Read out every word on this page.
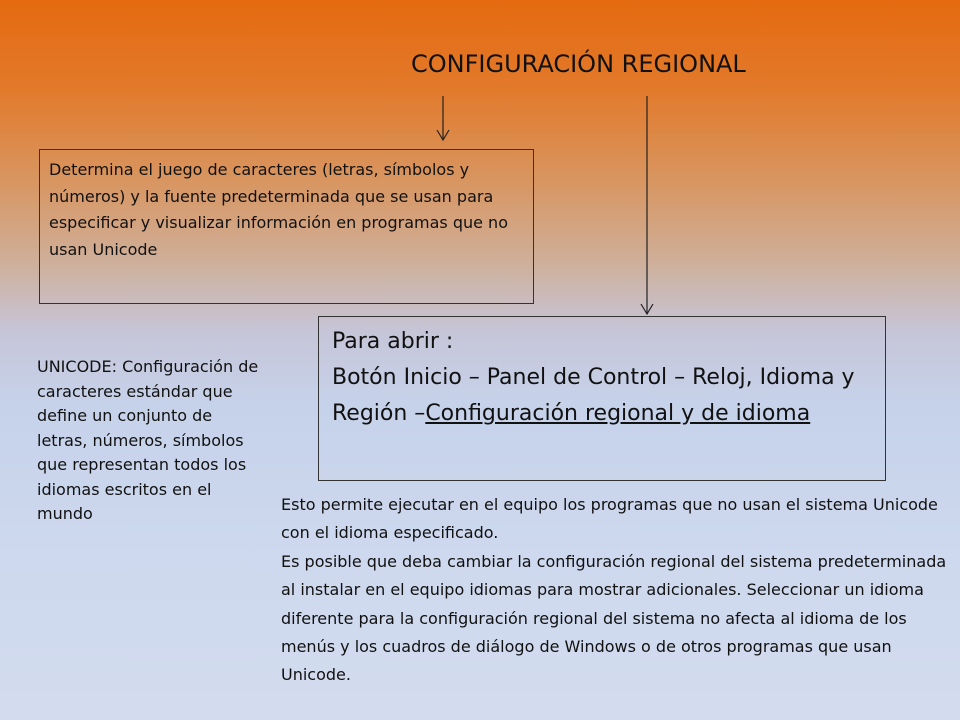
CONFIGURACIÓN REGIONAL
Determina el juego de caracteres (letras, símbolos y números) y la fuente predeterminada que se usan para especificar y visualizar información en programas que no usan Unicode
Para abrir :
Botón Inicio – Panel de Control – Reloj, Idioma y Región –Configuración regional y de idioma
UNICODE: Configuración de caracteres estándar que define un conjunto de letras, números, símbolos que representan todos los idiomas escritos en el mundo	Esto permite ejecutar en el equipo los programas que no usan el sistema Unicode con el idioma especificado.
Es posible que deba cambiar la configuración regional del sistema predeterminada al instalar en el equipo idiomas para mostrar adicionales. Seleccionar un idioma diferente para la configuración regional del sistema no afecta al idioma de los menús y los cuadros de diálogo de Windows o de otros programas que usan Unicode.
